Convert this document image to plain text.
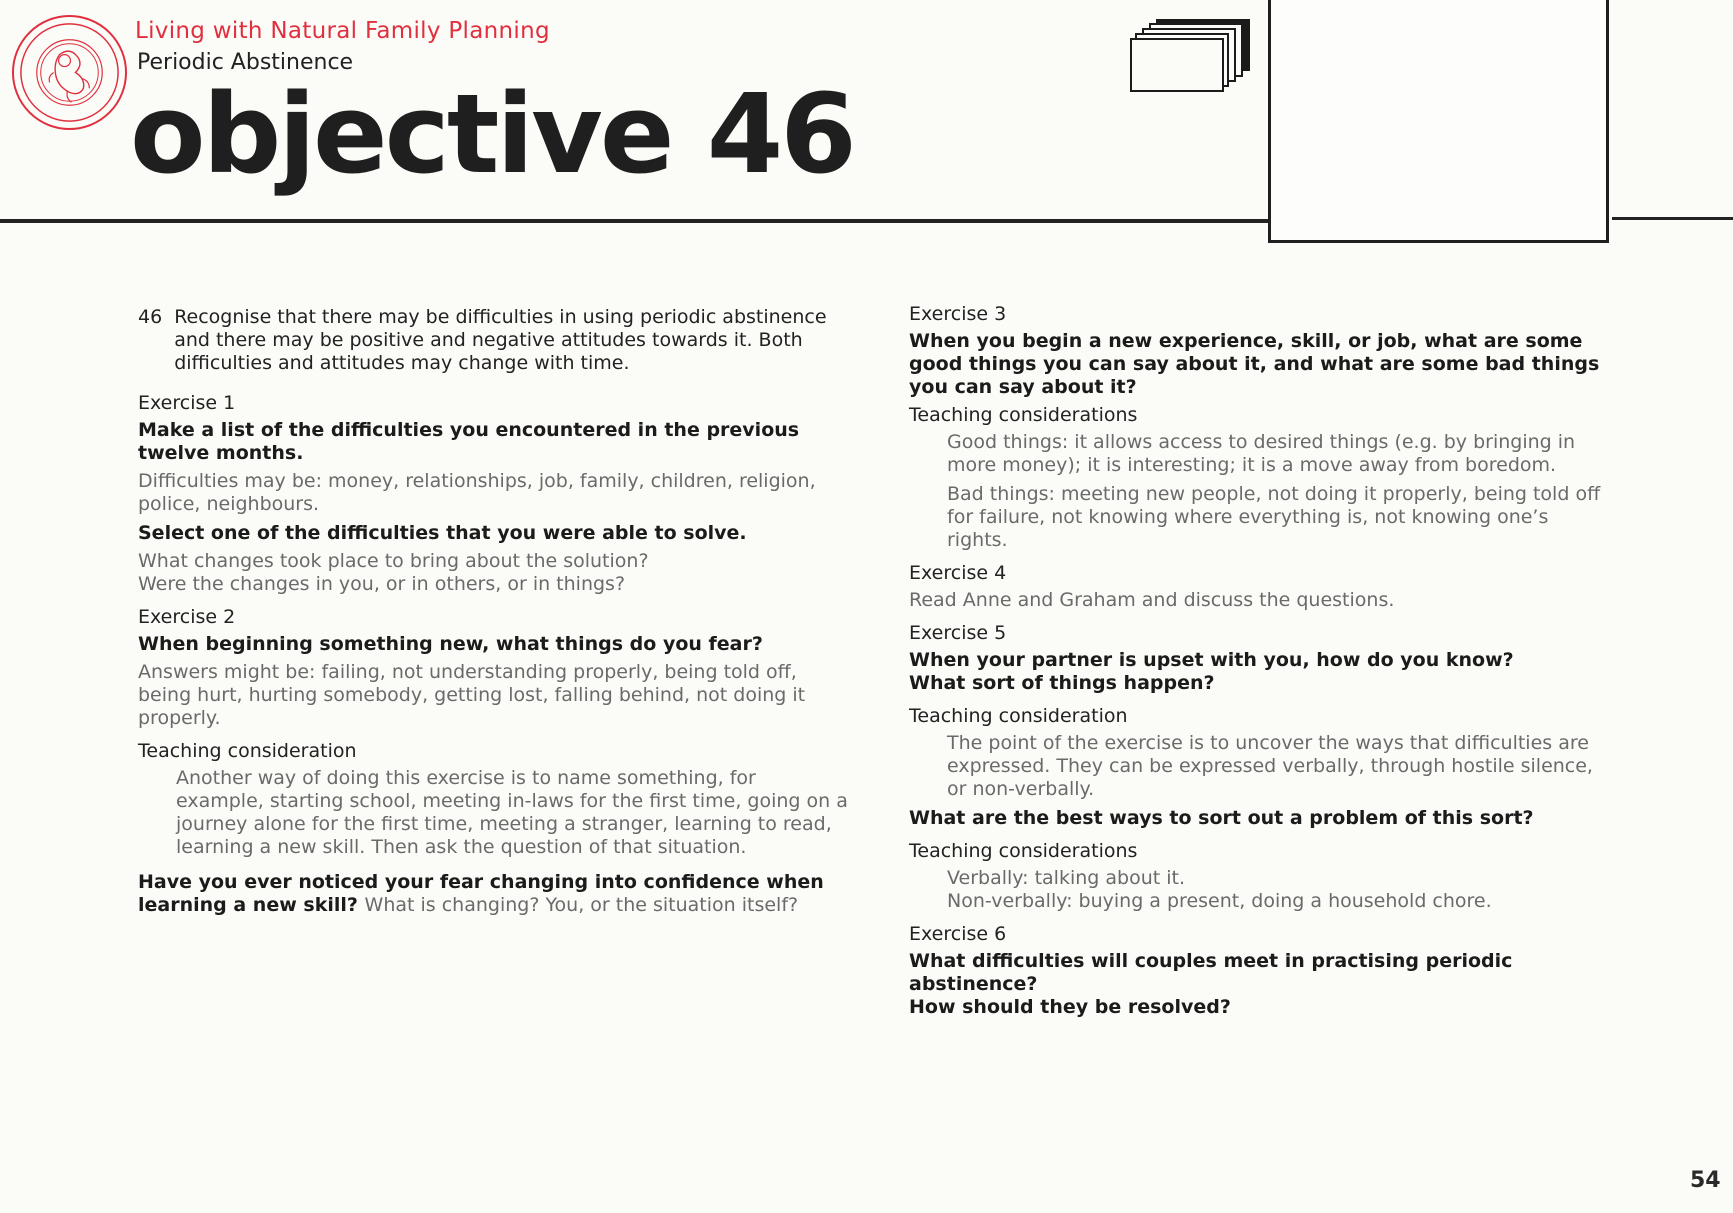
Living with Natural Family Planning
Periodic Abstinence
objective 46

46 Recognise that there may be difficulties in using periodic abstinence and there may be positive and negative attitudes towards it. Both difficulties and attitudes may change with time.

Exercise 1

Make a list of the difficulties you encountered in the previous twelve months.

Difficulties may be: money, relationships, job, family, children, religion, police, neighbours.

Select one of the difficulties that you were able to solve.

What changes took place to bring about the solution?

Were the changes in you, or in others, or in things?

Exercise 2

When beginning something new, what things do you fear?

Answers might be: failing, not understanding properly, being told off, being hurt, hurting somebody, getting lost, falling behind, not doing it properly.

Teaching consideration

Another way of doing this exercise is to name something, for example, starting school, meeting in-laws for the first time, going on a journey alone for the first time, meeting a stranger, learning to read, learning a new skill. Then ask the question of that situation.

Have you ever noticed your fear changing into confidence when learning a new skill? What is changing? You, or the situation itself?

Exercise 3

When you begin a new experience, skill, or job, what are some good things you can say about it, and what are some bad things you can say about it?

Teaching considerations

Good things: it allows access to desired things (e.g. by bringing in more money); it is interesting; it is a move away from boredom.

Bad things: meeting new people, not doing it properly, being told off for failure, not knowing where everything is, not knowing one’s rights.

Exercise 4

Read Anne and Graham and discuss the questions.

Exercise 5

When your partner is upset with you, how do you know?

What sort of things happen?

Teaching consideration

The point of the exercise is to uncover the ways that difficulties are expressed. They can be expressed verbally, through hostile silence, or non-verbally.

What are the best ways to sort out a problem of this sort?

Teaching considerations

Verbally: talking about it.

Non-verbally: buying a present, doing a household chore.

Exercise 6

What difficulties will couples meet in practising periodic abstinence?

How should they be resolved?

54
